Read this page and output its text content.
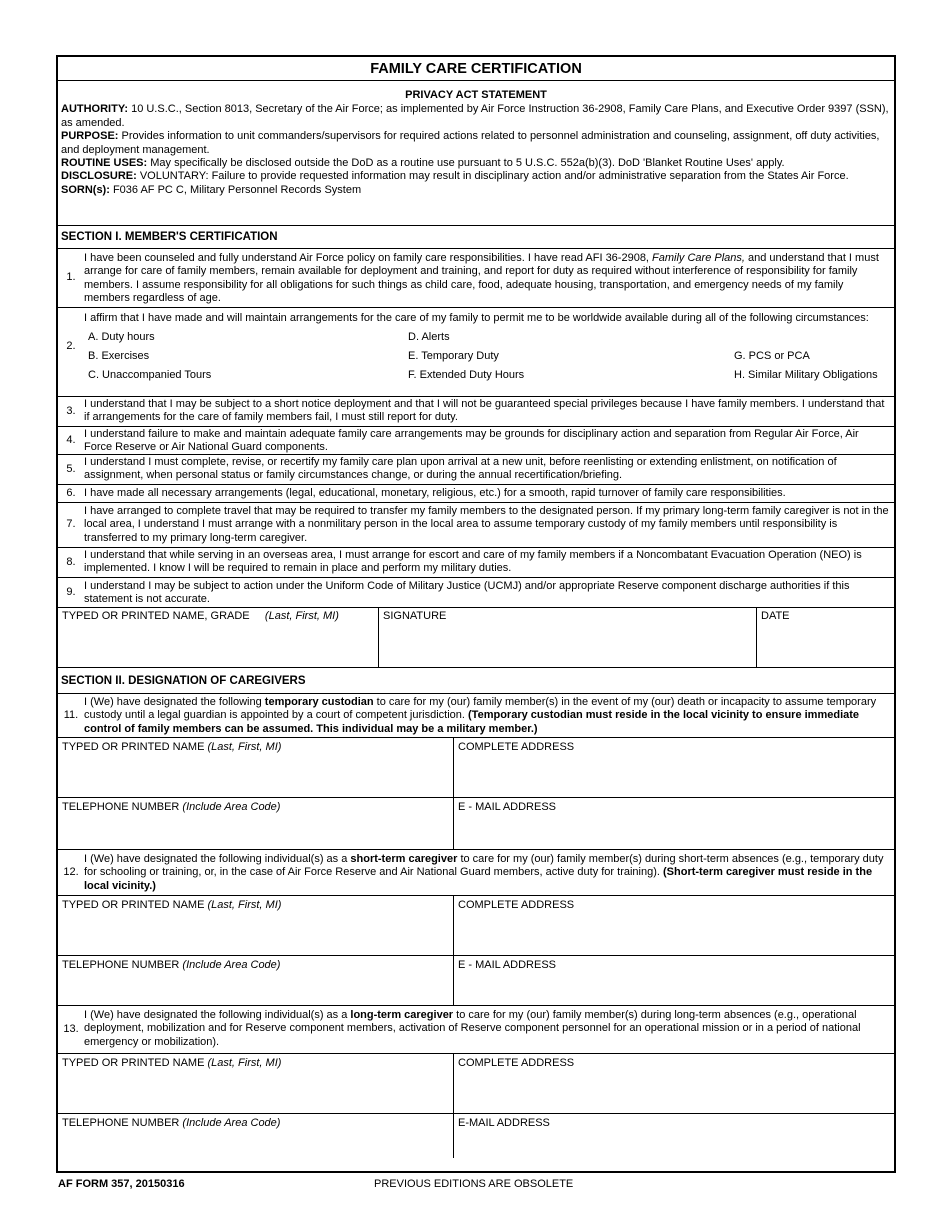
FAMILY CARE CERTIFICATION
PRIVACY ACT STATEMENT

AUTHORITY: 10 U.S.C., Section 8013, Secretary of the Air Force; as implemented by Air Force Instruction 36-2908, Family Care Plans, and Executive Order 9397 (SSN), as amended.

PURPOSE: Provides information to unit commanders/supervisors for required actions related to personnel administration and counseling, assignment, off duty activities, and deployment management.

ROUTINE USES: May specifically be disclosed outside the DoD as a routine use pursuant to 5 U.S.C. 552a(b)(3). DoD 'Blanket Routine Uses' apply.

DISCLOSURE: VOLUNTARY: Failure to provide requested information may result in disciplinary action and/or administrative separation from the States Air Force.

SORN(s): F036 AF PC C, Military Personnel Records System

SECTION I. MEMBER'S CERTIFICATION
1.
I have been counseled and fully understand Air Force policy on family care responsibilities. I have read AFI 36-2908, Family Care Plans, and understand that I must arrange for care of family members, remain available for deployment and training, and report for duty as required without interference of responsibility for family members. I assume responsibility for all obligations for such things as child care, food, adequate housing, transportation, and emergency needs of my family members regardless of age.
2.
I affirm that I have made and will maintain arrangements for the care of my family to permit me to be worldwide available during all of the following circumstances:
A. Duty hours	D. Alerts
B. Exercises	E. Temporary Duty	G. PCS or PCA
C. Unaccompanied Tours	F. Extended Duty Hours	H. Similar Military Obligations
3.
I understand that I may be subject to a short notice deployment and that I will not be guaranteed special privileges because I have family members. I understand that if arrangements for the care of family members fail, I must still report for duty.
4. I understand failure to make and maintain adequate family care arrangements may be grounds for disciplinary action and separation from Regular Air Force, Air Force Reserve or Air National Guard components.
5.
I understand I must complete, revise, or recertify my family care plan upon arrival at a new unit, before reenlisting or extending enlistment, on notification of assignment, when personal status or family circumstances change, or during the annual recertification/briefing.
6. I have made all necessary arrangements (legal, educational, monetary, religious, etc.) for a smooth, rapid turnover of family care responsibilities.
7.
I have arranged to complete travel that may be required to transfer my family members to the designated person. If my primary long-term family caregiver is not in the local area, I understand I must arrange with a nonmilitary person in the local area to assume temporary custody of my family members until responsibility is transferred to my primary long-term caregiver.
8.
I understand that while serving in an overseas area, I must arrange for escort and care of my family members if a Noncombatant Evacuation Operation (NEO) is implemented. I know I will be required to remain in place and perform my military duties.
9. I understand I may be subject to action under the Uniform Code of Military Justice (UCMJ) and/or appropriate Reserve component discharge authorities if this statement is not accurate.
TYPED OR PRINTED NAME, GRADE (Last, First, MI)	SIGNATURE	DATE
SECTION II. DESIGNATION OF CAREGIVERS
11.
I (We) have designated the following temporary custodian to care for my (our) family member(s) in the event of my (our) death or incapacity to assume temporary custody until a legal guardian is appointed by a court of competent jurisdiction. (Temporary custodian must reside in the local vicinity to ensure immediate control of family members can be assumed. This individual may be a military member.)
TYPED OR PRINTED NAME (Last, First, MI)	COMPLETE ADDRESS
TELEPHONE NUMBER (Include Area Code)	E - MAIL ADDRESS
12.
I (We) have designated the following individual(s) as a short-term caregiver to care for my (our) family member(s) during short-term absences (e.g., temporary duty for schooling or training, or, in the case of Air Force Reserve and Air National Guard members, active duty for training). (Short-term caregiver must reside in the local vicinity.)
TYPED OR PRINTED NAME (Last, First, MI)	COMPLETE ADDRESS
TELEPHONE NUMBER (Include Area Code)	E - MAIL ADDRESS
13.
I (We) have designated the following individual(s) as a long-term caregiver to care for my (our) family member(s) during long-term absences (e.g., operational deployment, mobilization and for Reserve component members, activation of Reserve component personnel for an operational mission or in a period of national emergency or mobilization).
TYPED OR PRINTED NAME (Last, First, MI)	COMPLETE ADDRESS
TELEPHONE NUMBER (Include Area Code)	E-MAIL ADDRESS
AF FORM 357, 20150316	PREVIOUS EDITIONS ARE OBSOLETE
